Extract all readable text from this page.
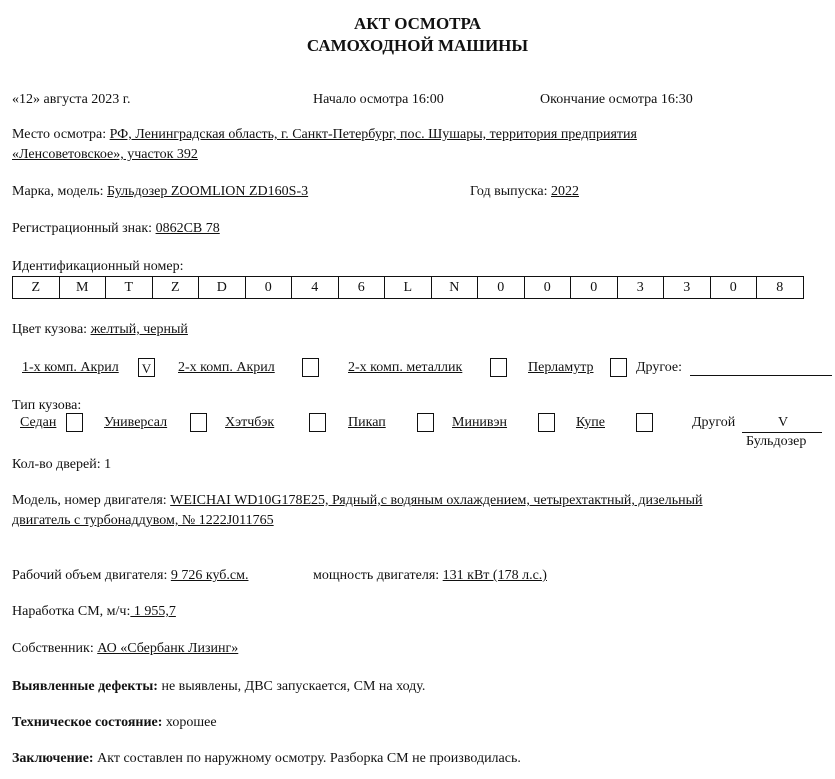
АКТ ОСМОТРА
САМОХОДНОЙ МАШИНЫ
«12» августа 2023 г.	Начало осмотра 16:00	Окончание осмотра 16:30
Место осмотра: РФ, Ленинградская область, г. Санкт-Петербург, пос. Шушары, территория предприятия
«Ленсоветовское», участок 392
Марка, модель: Бульдозер ZOOMLION ZD160S-3	Год выпуска: 2022
Регистрационный знак: 0862СВ 78
Идентификационный номер:
Z	M	T	Z	D	0	4	6	L	N	0	0	0	3	3	0	8
Цвет кузова: желтый, черный
1-х комп. Акрил V 2-х комп. Акрил	2-х комп. металлик	Перламутр	Другое:
Тип кузова:
Седан	Универсал	Хэтчбэк	Пикап	Минивэн	Купе	Другой	V
Бульдозер
Кол-во дверей: 1
Модель, номер двигателя: WEICHAI WD10G178E25, Рядный,с водяным охлаждением, четырехтактный, дизельный
двигатель с турбонаддувом, № 1222J011765
Рабочий объем двигателя: 9 726 куб.см.	мощность двигателя: 131 кВт (178 л.с.)
Наработка СМ, м/ч: 1 955,7
Собственник: АО «Сбербанк Лизинг»
Выявленные дефекты: не выявлены, ДВС запускается, СМ на ходу.
Техническое состояние: хорошее
Заключение: Акт составлен по наружному осмотру. Разборка СМ не производилась.
